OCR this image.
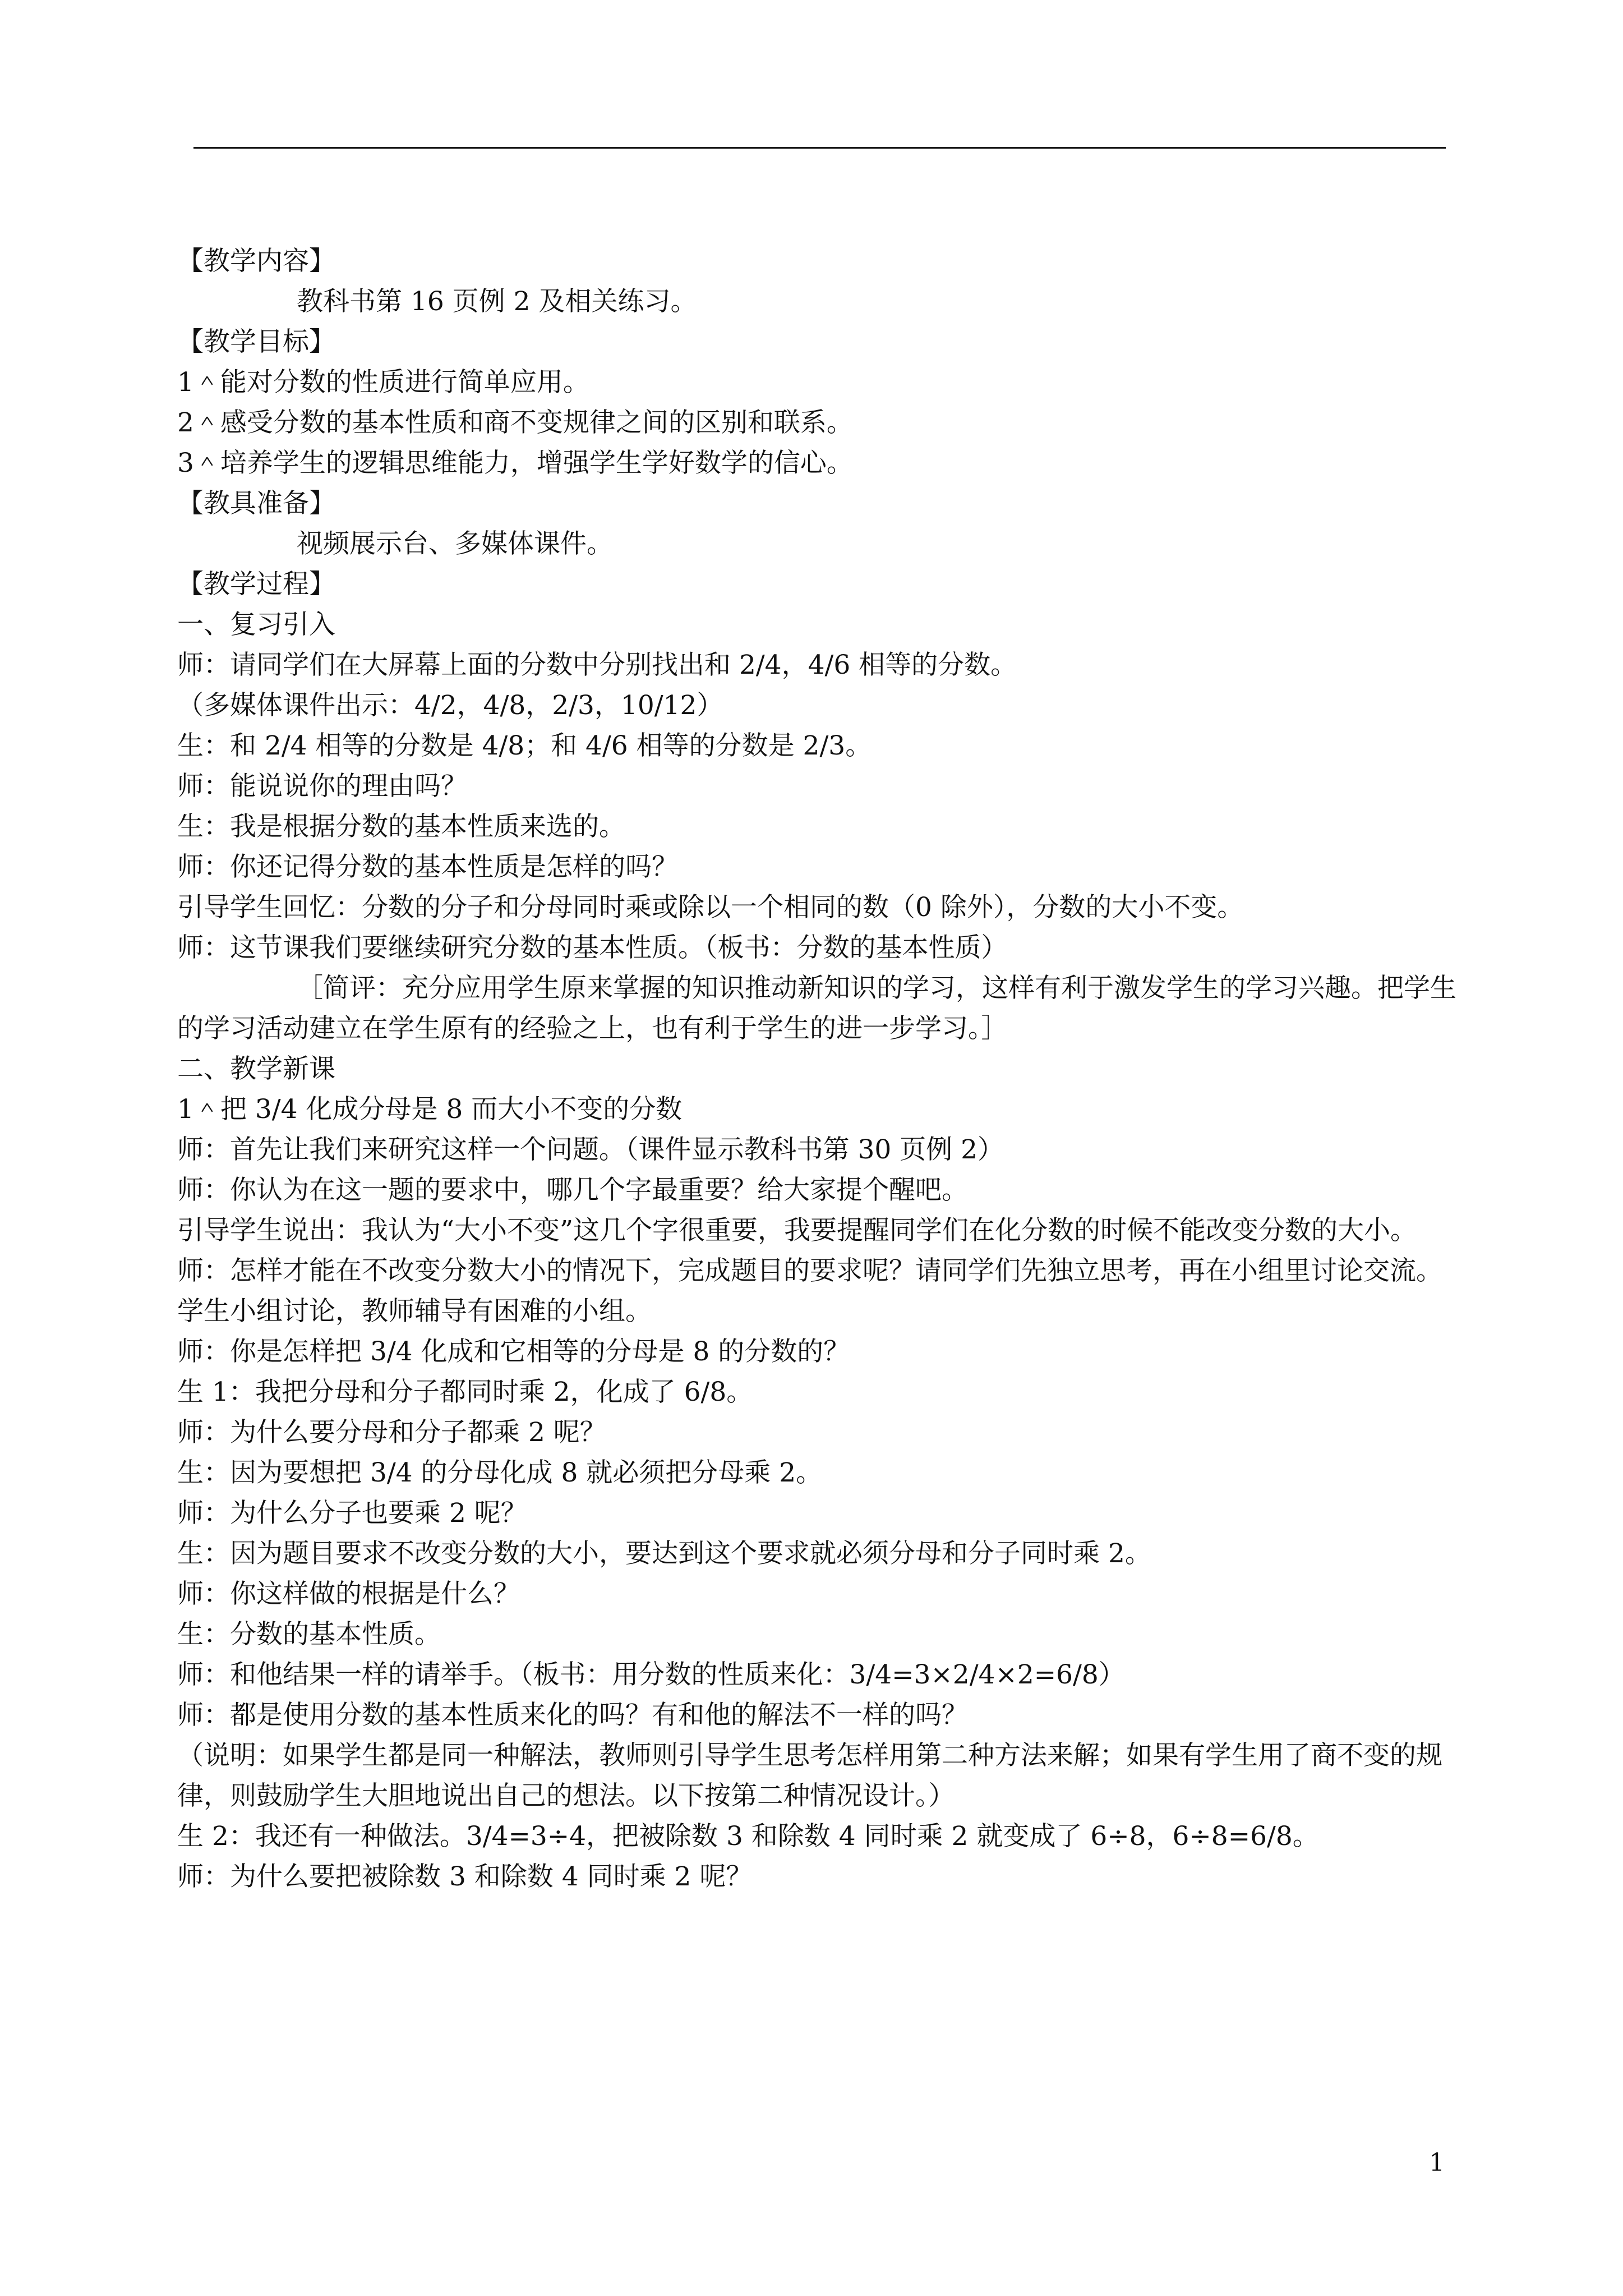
【教学内容】
教科书第 16 页例 2 及相关练习。
【教学目标】
1＾能对分数的性质进行简单应用。
2＾感受分数的基本性质和商不变规律之间的区别和联系。
3＾培养学生的逻辑思维能力，增强学生学好数学的信心。
【教具准备】
视频展示台、多媒体课件。
【教学过程】
一、复习引入
师：请同学们在大屏幕上面的分数中分别找出和 2/4，4/6 相等的分数。
（多媒体课件出示：4/2，4/8，2/3，10/12）
生：和 2/4 相等的分数是 4/8；和 4/6 相等的分数是 2/3。
师：能说说你的理由吗？
生：我是根据分数的基本性质来选的。
师：你还记得分数的基本性质是怎样的吗？
引导学生回忆：分数的分子和分母同时乘或除以一个相同的数（0 除外），分数的大小不变。
师：这节课我们要继续研究分数的基本性质。（板书：分数的基本性质）
［简评：充分应用学生原来掌握的知识推动新知识的学习，这样有利于激发学生的学习兴趣。把学生的学习活动建立在学生原有的经验之上，也有利于学生的进一步学习。］
二、教学新课
1＾把 3/4 化成分母是 8 而大小不变的分数
师：首先让我们来研究这样一个问题。（课件显示教科书第 30 页例 2）
师：你认为在这一题的要求中，哪几个字最重要？给大家提个醒吧。
引导学生说出：我认为“大小不变”这几个字很重要，我要提醒同学们在化分数的时候不能改变分数的大小。
师：怎样才能在不改变分数大小的情况下，完成题目的要求呢？请同学们先独立思考，再在小组里讨论交流。
学生小组讨论，教师辅导有困难的小组。
师：你是怎样把 3/4 化成和它相等的分母是 8 的分数的？
生 1：我把分母和分子都同时乘 2，化成了 6/8。
师：为什么要分母和分子都乘 2 呢？
生：因为要想把 3/4 的分母化成 8 就必须把分母乘 2。
师：为什么分子也要乘 2 呢？
生：因为题目要求不改变分数的大小，要达到这个要求就必须分母和分子同时乘 2。
师：你这样做的根据是什么？
生：分数的基本性质。
师：和他结果一样的请举手。（板书：用分数的性质来化：3/4=3×2/4×2=6/8）
师：都是使用分数的基本性质来化的吗？有和他的解法不一样的吗？
（说明：如果学生都是同一种解法，教师则引导学生思考怎样用第二种方法来解；如果有学生用了商不变的规律，则鼓励学生大胆地说出自己的想法。以下按第二种情况设计。）
生 2：我还有一种做法。3/4=3÷4，把被除数 3 和除数 4 同时乘 2 就变成了 6÷8，6÷8=6/8。
师：为什么要把被除数 3 和除数 4 同时乘 2 呢？
1
